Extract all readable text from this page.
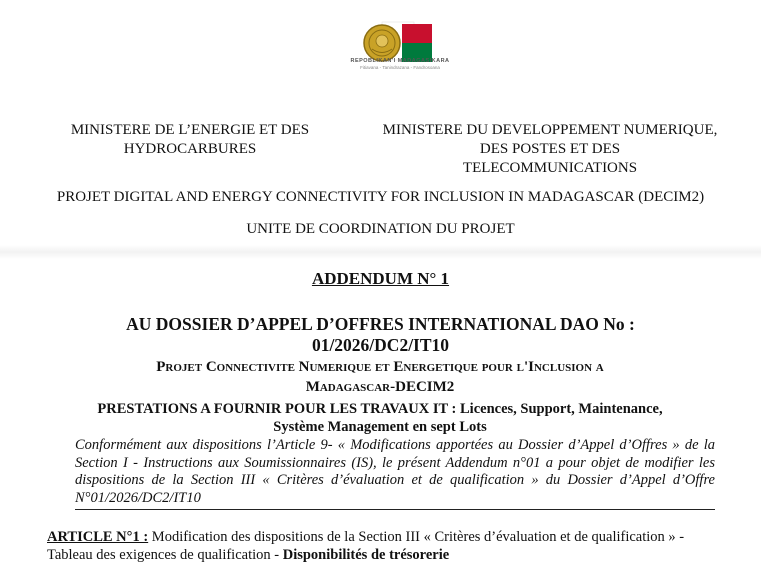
REPOBLIKAN'I MADAGASIKARA
Fitiavana - Tanindrazana - Fandrosoana
MINISTERE DE L’ENERGIE ET DES
HYDROCARBURES
MINISTERE DU DEVELOPPEMENT NUMERIQUE,
DES POSTES ET DES
TELECOMMUNICATIONS
PROJET DIGITAL AND ENERGY CONNECTIVITY FOR INCLUSION IN MADAGASCAR (DECIM2)
UNITE DE COORDINATION DU PROJET
ADDENDUM N° 1
AU DOSSIER D’APPEL D’OFFRES INTERNATIONAL DAO No :
01/2026/DC2/IT10
Projet Connectivite Numerique et Energetique pour l'Inclusion a
Madagascar-DECIM2
PRESTATIONS A FOURNIR POUR LES TRAVAUX IT : Licences, Support, Maintenance,
Système Management en sept Lots
Conformément aux dispositions l’Article 9- « Modifications apportées au Dossier d’Appel d’Offres » de la Section I - Instructions aux Soumissionnaires (IS), le présent Addendum n°01 a pour objet de modifier les dispositions de la Section III « Critères d’évaluation et de qualification » du Dossier d’Appel d’Offre N°01/2026/DC2/IT10
ARTICLE N°1 : Modification des dispositions de la Section III « Critères d’évaluation et de qualification » - Tableau des exigences de qualification - Disponibilités de trésorerie
